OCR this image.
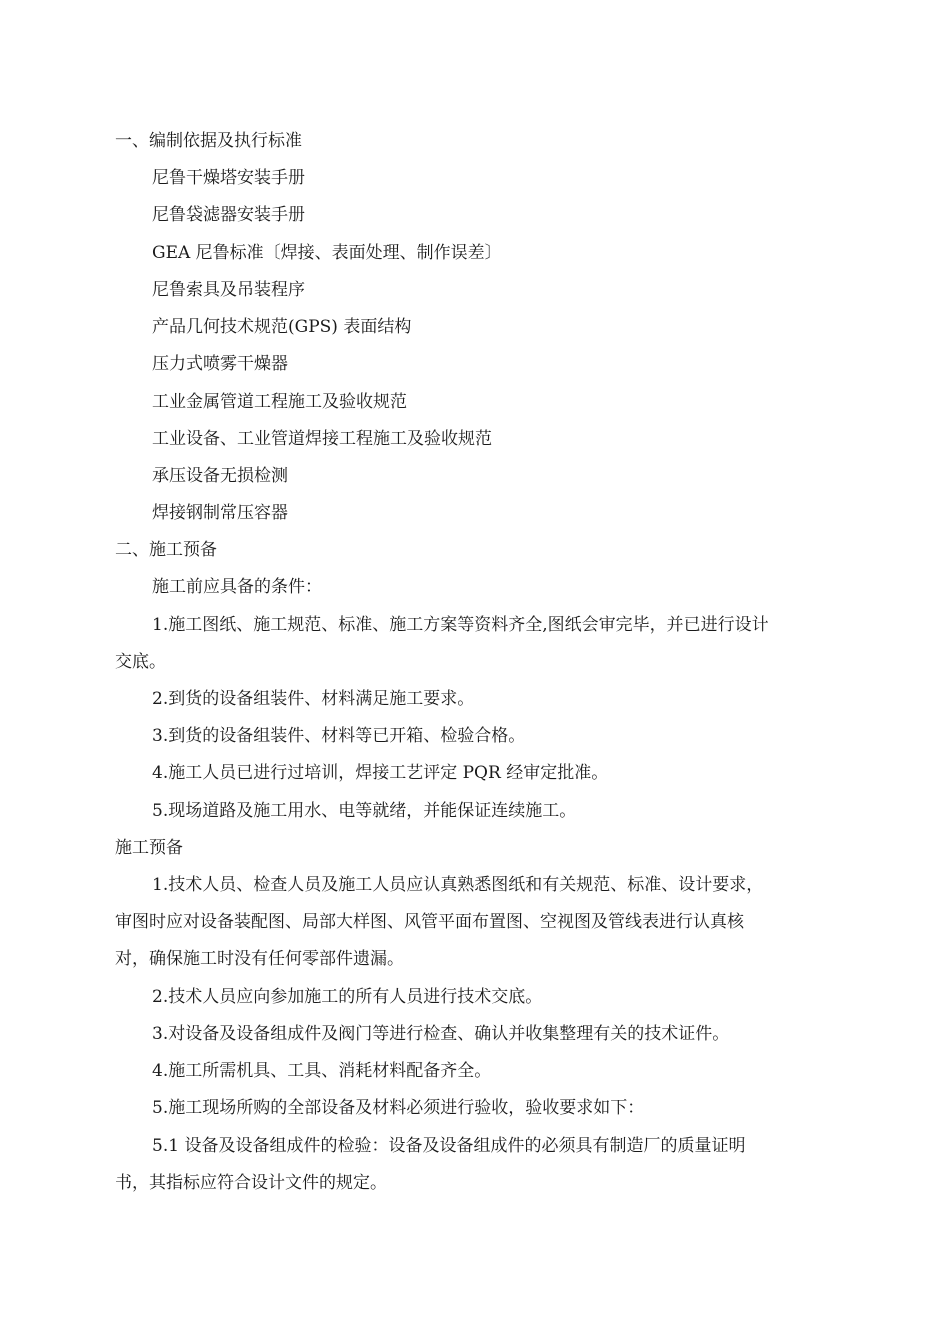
一、编制依据及执行标准
尼鲁干燥塔安装手册
尼鲁袋滤器安装手册
GEA 尼鲁标准〔焊接、表面处理、制作误差〕
尼鲁索具及吊装程序
产品几何技术规范(GPS) 表面结构
压力式喷雾干燥器
工业金属管道工程施工及验收规范
工业设备、工业管道焊接工程施工及验收规范
承压设备无损检测
焊接钢制常压容器
二、施工预备
施工前应具备的条件：
1.施工图纸、施工规范、标准、施工方案等资料齐全,图纸会审完毕，并已进行设计
交底。
2.到货的设备组装件、材料满足施工要求。
3.到货的设备组装件、材料等已开箱、检验合格。
4.施工人员已进行过培训，焊接工艺评定 PQR 经审定批准。
5.现场道路及施工用水、电等就绪，并能保证连续施工。
施工预备
1.技术人员、检查人员及施工人员应认真熟悉图纸和有关规范、标准、设计要求，
审图时应对设备装配图、局部大样图、风管平面布置图、空视图及管线表进行认真核
对，确保施工时没有任何零部件遗漏。
2.技术人员应向参加施工的所有人员进行技术交底。
3.对设备及设备组成件及阀门等进行检查、确认并收集整理有关的技术证件。
4.施工所需机具、工具、消耗材料配备齐全。
5.施工现场所购的全部设备及材料必须进行验收，验收要求如下：
5.1 设备及设备组成件的检验：设备及设备组成件的必须具有制造厂的质量证明
书，其指标应符合设计文件的规定。
